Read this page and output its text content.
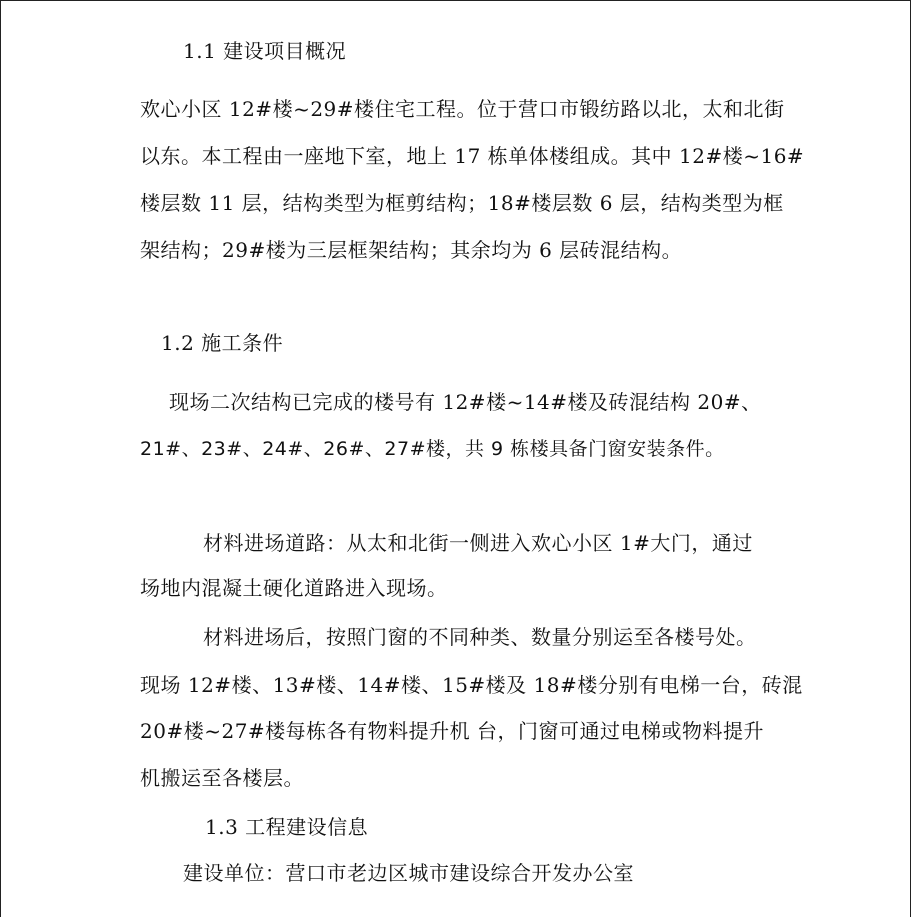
1.1 建设项目概况
欢心小区 12#楼~29#楼住宅工程。位于营口市锻纺路以北，太和北街
以东。本工程由一座地下室，地上 17 栋单体楼组成。其中 12#楼~16#
楼层数 11 层，结构类型为框剪结构；18#楼层数 6 层，结构类型为框
架结构；29#楼为三层框架结构；其余均为 6 层砖混结构。
1.2 施工条件
现场二次结构已完成的楼号有 12#楼~14#楼及砖混结构 20#、
21#、23#、24#、26#、27#楼，共 9 栋楼具备门窗安装条件。
材料进场道路：从太和北街一侧进入欢心小区 1#大门，通过
场地内混凝土硬化道路进入现场。
材料进场后，按照门窗的不同种类、数量分别运至各楼号处。
现场 12#楼、13#楼、14#楼、15#楼及 18#楼分别有电梯一台，砖混
20#楼~27#楼每栋各有物料提升机 台，门窗可通过电梯或物料提升
机搬运至各楼层。
1.3 工程建设信息
建设单位：营口市老边区城市建设综合开发办公室
